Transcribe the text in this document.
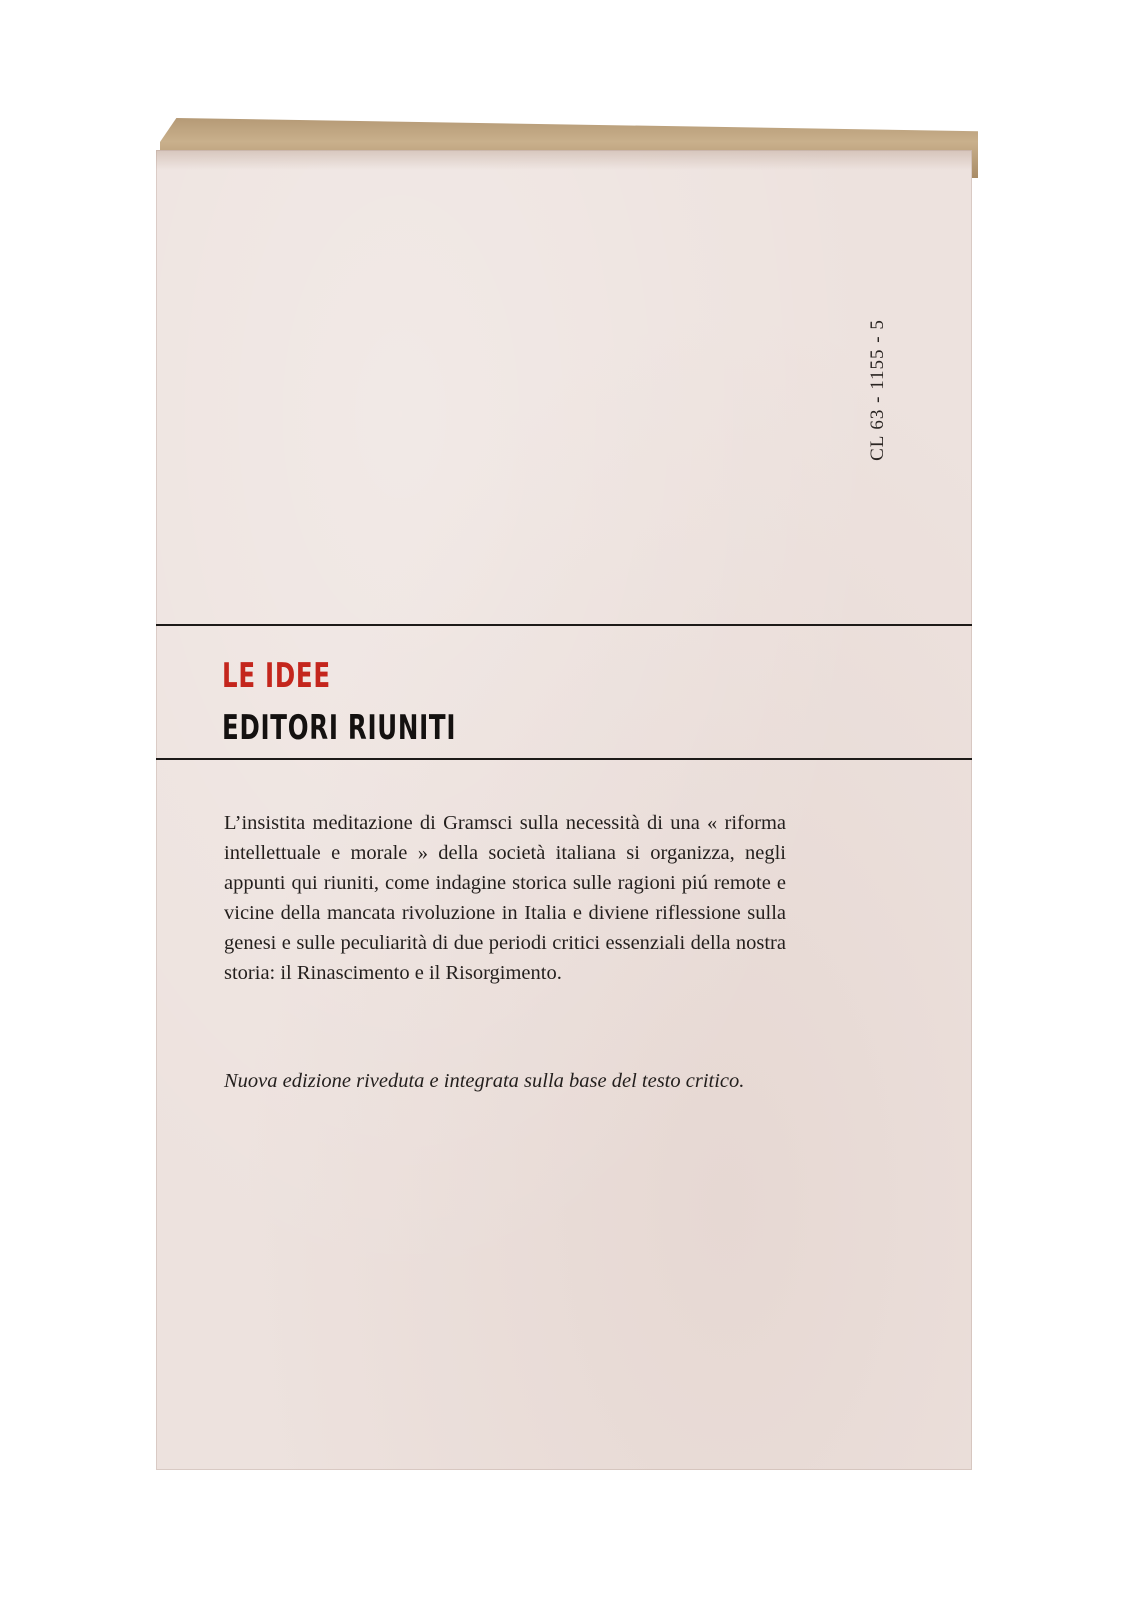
CL 63 - 1155 - 5
LE IDEE
EDITORI RIUNITI

L’insistita meditazione di Gramsci sulla necessità di una « riforma intellettuale e morale » della società italiana si organizza, negli appunti qui riuniti, come indagine storica sulle ragioni piú remote e vicine della mancata rivoluzione in Italia e diviene riflessione sulla genesi e sulle peculiarità di due periodi critici essenziali della nostra storia: il Rinascimento e il Risorgimento.

Nuova edizione riveduta e integrata sulla base del testo critico.
